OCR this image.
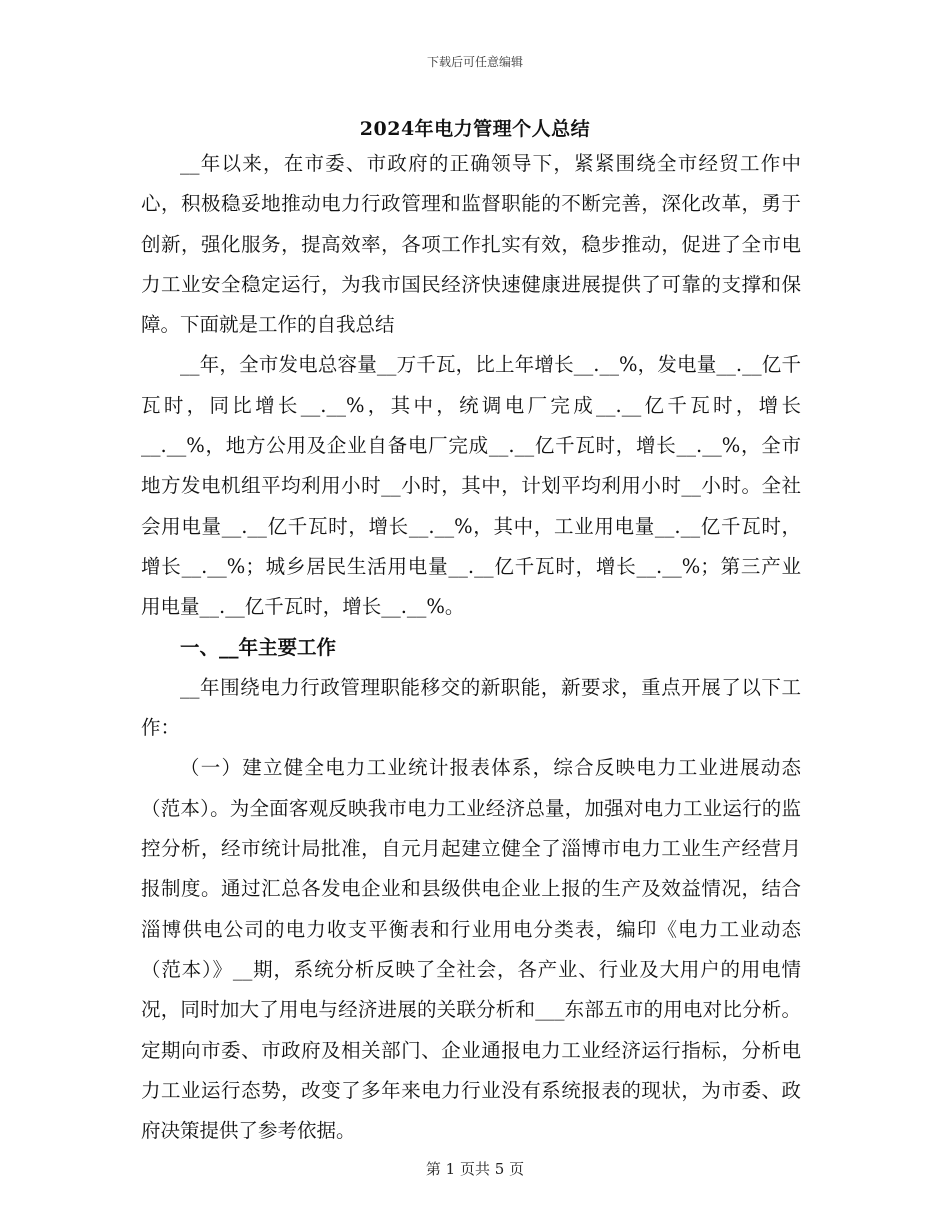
下载后可任意编辑
2024年电力管理个人总结

__年以来，在市委、市政府的正确领导下，紧紧围绕全市经贸工作中心，积极稳妥地推动电力行政管理和监督职能的不断完善，深化改革，勇于创新，强化服务，提高效率，各项工作扎实有效，稳步推动，促进了全市电力工业安全稳定运行，为我市国民经济快速健康进展提供了可靠的支撑和保障。下面就是工作的自我总结

__年，全市发电总容量__万千瓦，比上年增长__.__%，发电量__.__亿千瓦时，同比增长__.__%，其中，统调电厂完成__.__亿千瓦时，增长__.__%，地方公用及企业自备电厂完成__.__亿千瓦时，增长__.__%，全市地方发电机组平均利用小时__小时，其中，计划平均利用小时__小时。全社会用电量__.__亿千瓦时，增长__.__%，其中，工业用电量__.__亿千瓦时，增长__.__%；城乡居民生活用电量__.__亿千瓦时，增长__.__%；第三产业用电量__.__亿千瓦时，增长__.__%。

一、__年主要工作

__年围绕电力行政管理职能移交的新职能，新要求，重点开展了以下工作：

（一）建立健全电力工业统计报表体系，综合反映电力工业进展动态（范本）。为全面客观反映我市电力工业经济总量，加强对电力工业运行的监控分析，经市统计局批准，自元月起建立健全了淄博市电力工业生产经营月报制度。通过汇总各发电企业和县级供电企业上报的生产及效益情况，结合淄博供电公司的电力收支平衡表和行业用电分类表，编印《电力工业动态（范本）》__期，系统分析反映了全社会，各产业、行业及大用户的用电情况，同时加大了用电与经济进展的关联分析和___东部五市的用电对比分析。定期向市委、市政府及相关部门、企业通报电力工业经济运行指标，分析电力工业运行态势，改变了多年来电力行业没有系统报表的现状，为市委、政府决策提供了参考依据。

第 1 页共 5 页
